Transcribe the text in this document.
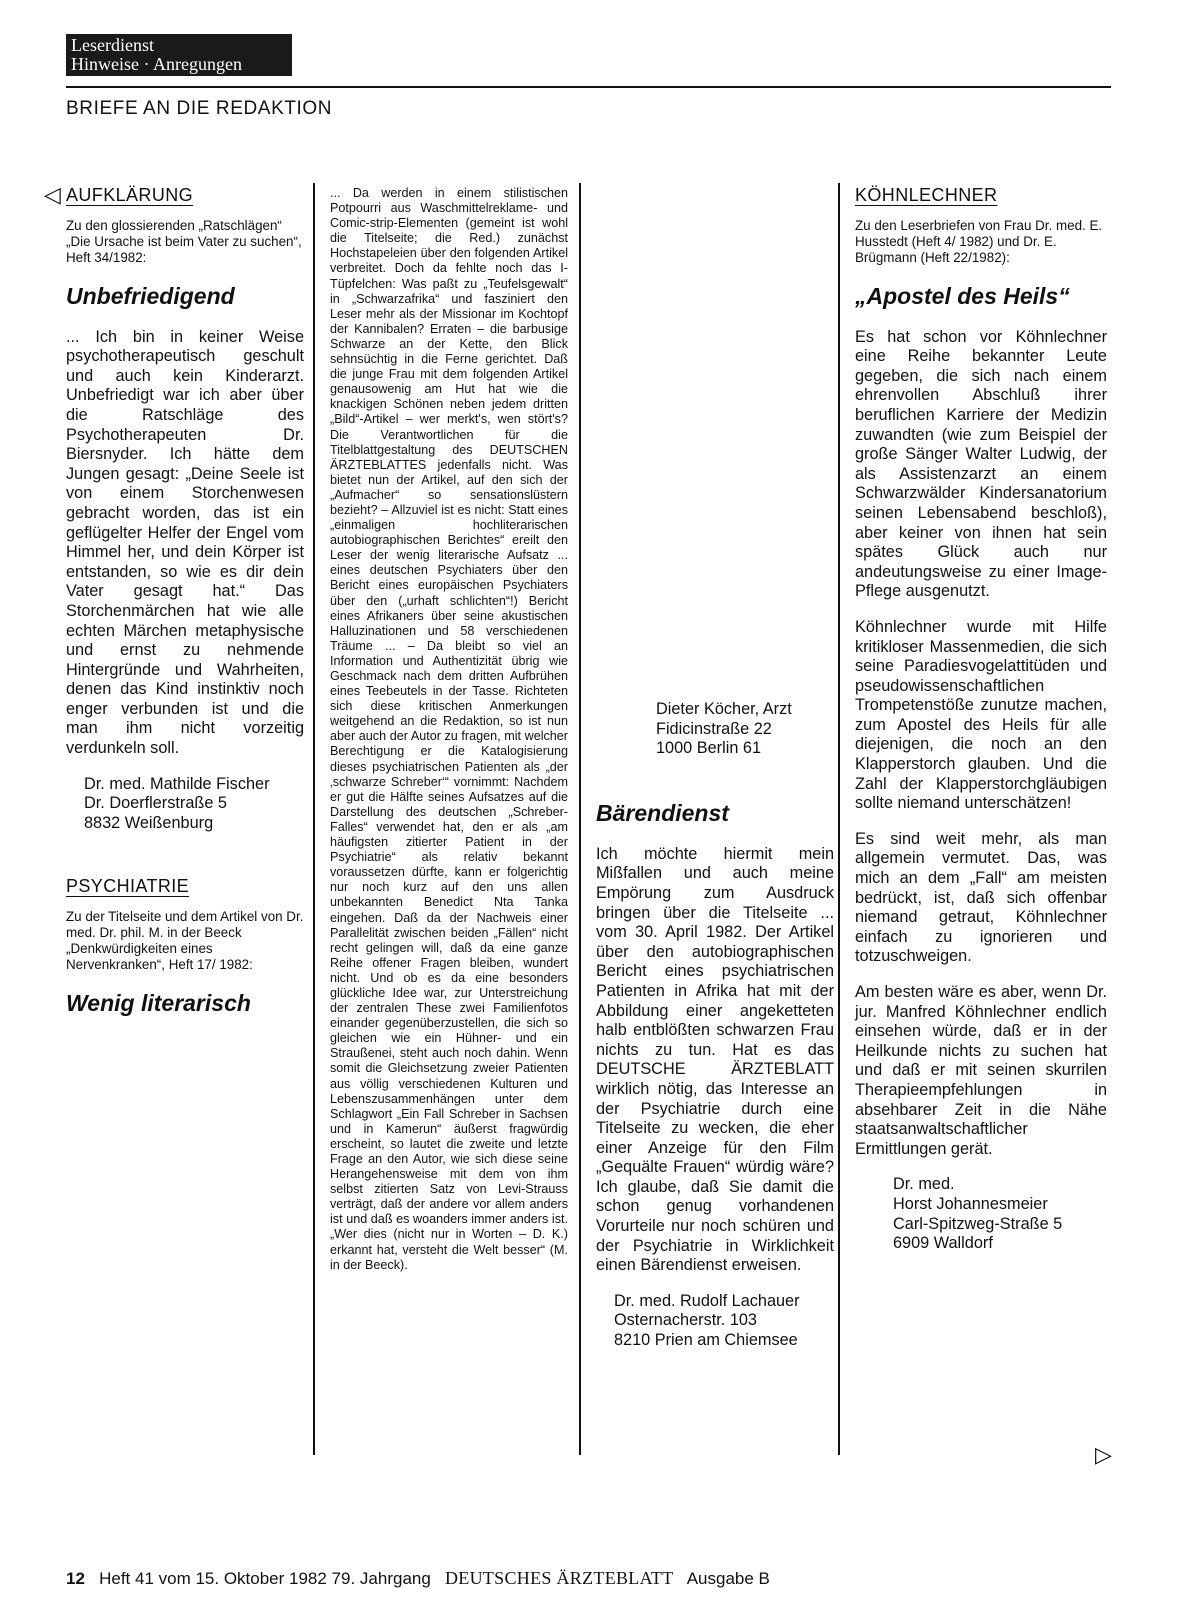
Leserdienst
Hinweise · Anregungen
BRIEFE AN DIE REDAKTION
◁
▷
AUFKLÄRUNG
Zu den glossierenden „Ratschlägen“ „Die Ursache ist beim Vater zu suchen“, Heft 34/1982:
Unbefriedigend
... Ich bin in keiner Weise psychotherapeutisch geschult und auch kein Kinderarzt. Unbefriedigt war ich aber über die Ratschläge des Psychotherapeuten Dr. Biersnyder. Ich hätte dem Jungen gesagt: „Deine Seele ist von einem Storchenwesen gebracht worden, das ist ein geflügelter Helfer der Engel vom Himmel her, und dein Körper ist entstanden, so wie es dir dein Vater gesagt hat.“ Das Storchenmärchen hat wie alle echten Märchen metaphysische und ernst zu nehmende Hintergründe und Wahrheiten, denen das Kind instinktiv noch enger verbunden ist und die man ihm nicht vorzeitig verdunkeln soll.
Dr. med. Mathilde Fischer
Dr. Doerflerstraße 5
8832 Weißenburg
PSYCHIATRIE
Zu der Titelseite und dem Artikel von Dr. med. Dr. phil. M. in der Beeck „Denkwürdigkeiten eines Nervenkranken“, Heft 17/ 1982:
Wenig literarisch
... Da werden in einem stilistischen Potpourri aus Waschmittelreklame- und Comic-strip-Elementen (gemeint ist wohl die Titelseite; die Red.) zunächst Hochstapeleien über den folgenden Artikel verbreitet. Doch da fehlte noch das I-Tüpfelchen: Was paßt zu „Teufelsgewalt“ in „Schwarzafrika“ und fasziniert den Leser mehr als der Missionar im Kochtopf der Kannibalen? Erraten – die barbusige Schwarze an der Kette, den Blick sehnsüchtig in die Ferne gerichtet. Daß die junge Frau mit dem folgenden Artikel genausowenig am Hut hat wie die knackigen Schönen neben jedem dritten „Bild“-Artikel – wer merkt's, wen stört's? Die Verantwortlichen für die Titelblattgestaltung des DEUTSCHEN ÄRZTEBLATTES jedenfalls nicht. Was bietet nun der Artikel, auf den sich der „Aufmacher“ so sensationslüstern bezieht? – Allzuviel ist es nicht: Statt eines „einmaligen hochliterarischen autobiographischen Berichtes“ ereilt den Leser der wenig literarische Aufsatz ... eines deutschen Psychiaters über den Bericht eines europäischen Psychiaters über den („urhaft schlichten“!) Bericht eines Afrikaners über seine akustischen Halluzinationen und 58 verschiedenen Träume ... – Da bleibt so viel an Information und Authentizität übrig wie Geschmack nach dem dritten Aufbrühen eines Teebeutels in der Tasse. Richteten sich diese kritischen Anmerkungen weitgehend an die Redaktion, so ist nun aber auch der Autor zu fragen, mit welcher Berechtigung er die Katalogisierung dieses psychiatrischen Patienten als „der ‚schwarze Schreber‘“ vornimmt: Nachdem er gut die Hälfte seines Aufsatzes auf die Darstellung des deutschen „Schreber-Falles“ verwendet hat, den er als „am häufigsten zitierter Patient in der Psychiatrie“ als relativ bekannt voraussetzen dürfte, kann er folgerichtig nur noch kurz auf den uns allen unbekannten Benedict Nta Tanka eingehen. Daß da der Nachweis einer Parallelität zwischen beiden „Fällen“ nicht recht gelingen will, daß da eine ganze Reihe offener Fragen bleiben, wundert nicht. Und ob es da eine besonders glückliche Idee war, zur Unterstreichung der zentralen These zwei Familienfotos einander gegenüberzustellen, die sich so gleichen wie ein Hühner- und ein Straußenei, steht auch noch dahin. Wenn somit die Gleichsetzung zweier Patienten aus völlig verschiedenen Kulturen und Lebenszusammenhängen unter dem Schlagwort „Ein Fall Schreber in Sachsen und in Kamerun“ äußerst fragwürdig erscheint, so lautet die zweite und letzte Frage an den Autor, wie sich diese seine Herangehensweise mit dem von ihm selbst zitierten Satz von Levi-Strauss verträgt, daß der andere vor allem anders ist und daß es woanders immer anders ist. „Wer dies (nicht nur in Worten – D. K.) erkannt hat, versteht die Welt besser“ (M. in der Beeck).
Dieter Köcher, Arzt
Fidicinstraße 22
1000 Berlin 61
Bärendienst
Ich möchte hiermit mein Mißfallen und auch meine Empörung zum Ausdruck bringen über die Titelseite ... vom 30. April 1982. Der Artikel über den autobiographischen Bericht eines psychiatrischen Patienten in Afrika hat mit der Abbildung einer angeketteten halb entblößten schwarzen Frau nichts zu tun. Hat es das DEUTSCHE ÄRZTEBLATT wirklich nötig, das Interesse an der Psychiatrie durch eine Titelseite zu wecken, die eher einer Anzeige für den Film „Gequälte Frauen“ würdig wäre? Ich glaube, daß Sie damit die schon genug vorhandenen Vorurteile nur noch schüren und der Psychiatrie in Wirklichkeit einen Bärendienst erweisen.
Dr. med. Rudolf Lachauer
Osternacherstr. 103
8210 Prien am Chiemsee
KÖHNLECHNER
Zu den Leserbriefen von Frau Dr. med. E. Husstedt (Heft 4/ 1982) und Dr. E. Brügmann (Heft 22/1982):
„Apostel des Heils“
Es hat schon vor Köhnlechner eine Reihe bekannter Leute gegeben, die sich nach einem ehrenvollen Abschluß ihrer beruflichen Karriere der Medizin zuwandten (wie zum Beispiel der große Sänger Walter Ludwig, der als Assistenzarzt an einem Schwarzwälder Kindersanatorium seinen Lebensabend beschloß), aber keiner von ihnen hat sein spätes Glück auch nur andeutungsweise zu einer Image-Pflege ausgenutzt.
Köhnlechner wurde mit Hilfe kritikloser Massenmedien, die sich seine Paradiesvogelattitüden und pseudowissenschaftlichen Trompetenstöße zunutze machen, zum Apostel des Heils für alle diejenigen, die noch an den Klapperstorch glauben. Und die Zahl der Klapperstorchgläubigen sollte niemand unterschätzen!
Es sind weit mehr, als man allgemein vermutet. Das, was mich an dem „Fall“ am meisten bedrückt, ist, daß sich offenbar niemand getraut, Köhnlechner einfach zu ignorieren und totzuschweigen.
Am besten wäre es aber, wenn Dr. jur. Manfred Köhnlechner endlich einsehen würde, daß er in der Heilkunde nichts zu suchen hat und daß er mit seinen skurrilen Therapieempfehlungen in absehbarer Zeit in die Nähe staatsanwaltschaftlicher Ermittlungen gerät.
Dr. med.
Horst Johannesmeier
Carl-Spitzweg-Straße 5
6909 Walldorf
12 Heft 41 vom 15. Oktober 1982 79. Jahrgang DEUTSCHES ÄRZTEBLATT Ausgabe B
